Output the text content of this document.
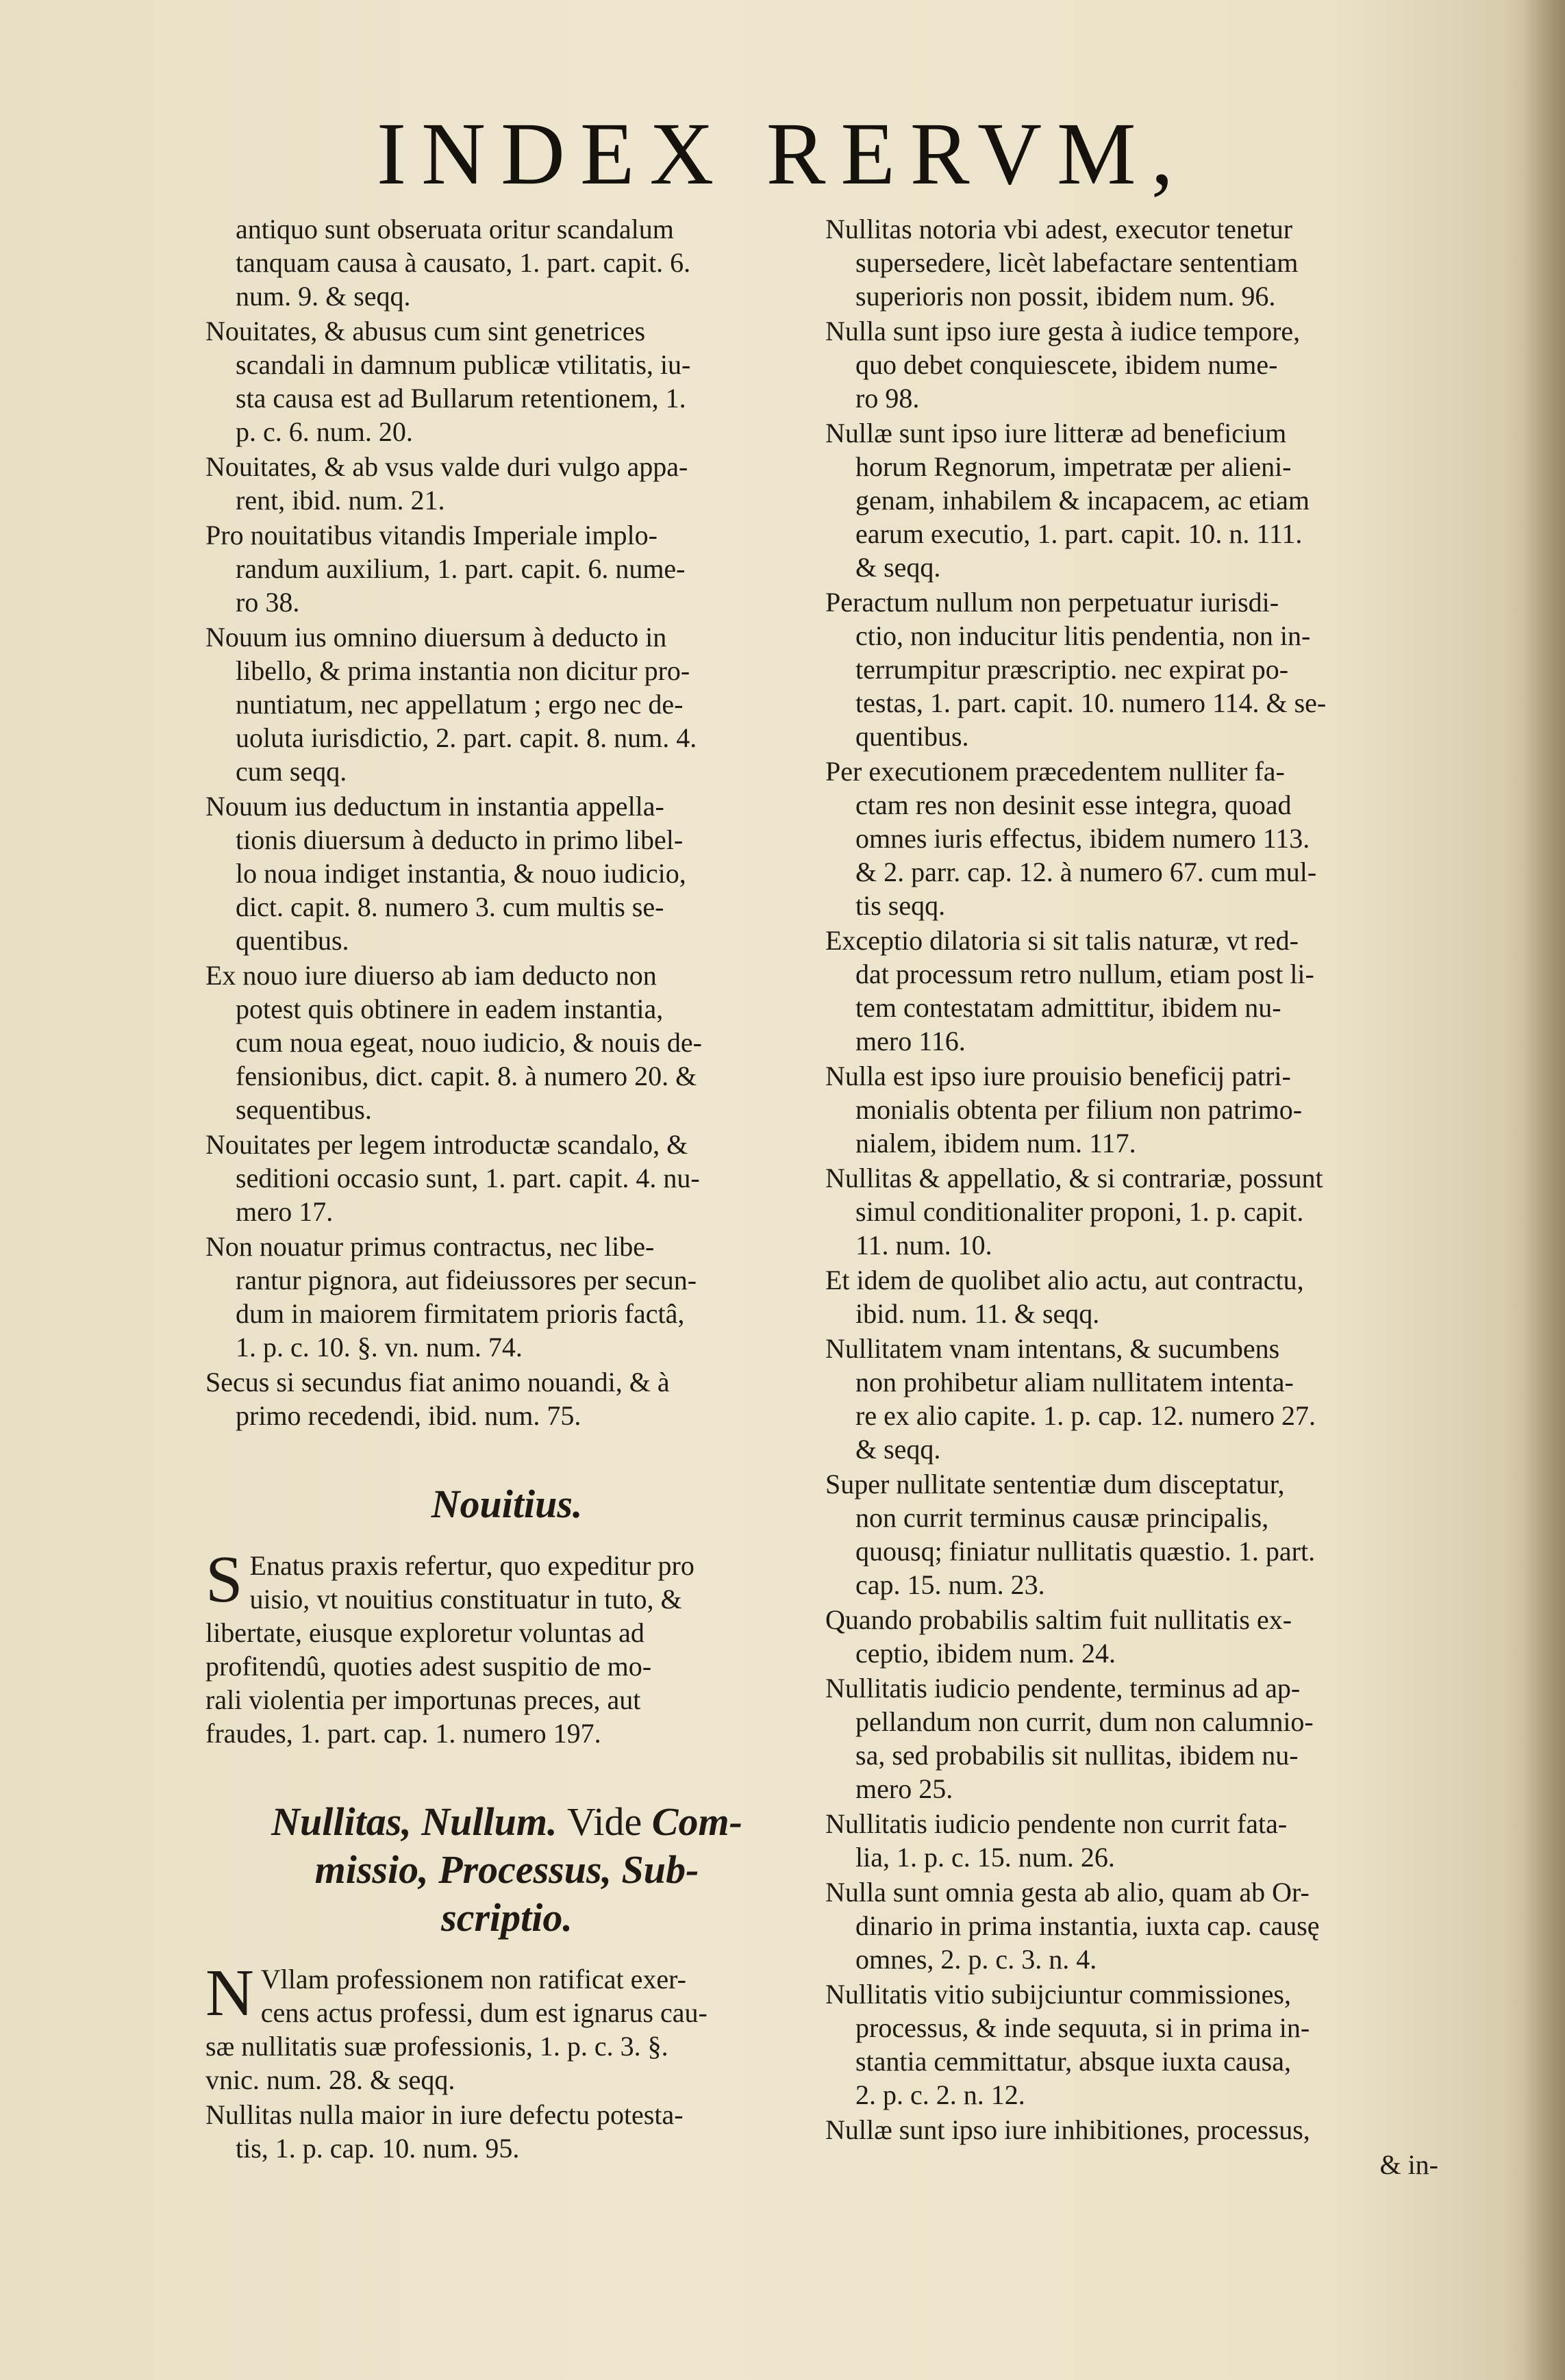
INDEX RERVM,

antiquo sunt obseruata oritur scandalum
tanquam causa à causato, 1. part. capit. 6.
num. 9. & seqq.

Nouitates, & abusus cum sint genetrices
scandali in damnum publicæ vtilitatis, iu-
sta causa est ad Bullarum retentionem, 1.
p. c. 6. num. 20.

Nouitates, & ab vsus valde duri vulgo appa-
rent, ibid. num. 21.

Pro nouitatibus vitandis Imperiale implo-
randum auxilium, 1. part. capit. 6. nume-
ro 38.

Nouum ius omnino diuersum à deducto in
libello, & prima instantia non dicitur pro-
nuntiatum, nec appellatum ; ergo nec de-
uoluta iurisdictio, 2. part. capit. 8. num. 4.
cum seqq.

Nouum ius deductum in instantia appella-
tionis diuersum à deducto in primo libel-
lo noua indiget instantia, & nouo iudicio,
dict. capit. 8. numero 3. cum multis se-
quentibus.

Ex nouo iure diuerso ab iam deducto non
potest quis obtinere in eadem instantia,
cum noua egeat, nouo iudicio, & nouis de-
fensionibus, dict. capit. 8. à numero 20. &
sequentibus.

Nouitates per legem introductæ scandalo, &
seditioni occasio sunt, 1. part. capit. 4. nu-
mero 17.

Non nouatur primus contractus, nec libe-
rantur pignora, aut fideiussores per secun-
dum in maiorem firmitatem prioris factâ,
1. p. c. 10. §. vn. num. 74.

Secus si secundus fiat animo nouandi, & à
primo recedendi, ibid. num. 75.

Nouitius.

S Enatus praxis refertur, quo expeditur pro
uisio, vt nouitius constituatur in tuto, &
libertate, eiusque exploretur voluntas ad
profitendû, quoties adest suspitio de mo-
rali violentia per importunas preces, aut
fraudes, 1. part. cap. 1. numero 197.

Nullitas, Nullum. Vide Com-
missio, Processus, Sub-
scriptio.

N Vllam professionem non ratificat exer-
cens actus professi, dum est ignarus cau-
sæ nullitatis suæ professionis, 1. p. c. 3. §.
vnic. num. 28. & seqq.

Nullitas nulla maior in iure defectu potesta-
tis, 1. p. cap. 10. num. 95.

Nullitas notoria vbi adest, executor tenetur
supersedere, licèt labefactare sententiam
superioris non possit, ibidem num. 96.

Nulla sunt ipso iure gesta à iudice tempore,
quo debet conquiescete, ibidem nume-
ro 98.

Nullæ sunt ipso iure litteræ ad beneficium
horum Regnorum, impetratæ per alieni-
genam, inhabilem & incapacem, ac etiam
earum executio, 1. part. capit. 10. n. 111.
& seqq.

Peractum nullum non perpetuatur iurisdi-
ctio, non inducitur litis pendentia, non in-
terrumpitur præscriptio. nec expirat po-
testas, 1. part. capit. 10. numero 114. & se-
quentibus.

Per executionem præcedentem nulliter fa-
ctam res non desinit esse integra, quoad
omnes iuris effectus, ibidem numero 113.
& 2. parr. cap. 12. à numero 67. cum mul-
tis seqq.

Exceptio dilatoria si sit talis naturæ, vt red-
dat processum retro nullum, etiam post li-
tem contestatam admittitur, ibidem nu-
mero 116.

Nulla est ipso iure prouisio beneficij patri-
monialis obtenta per filium non patrimo-
nialem, ibidem num. 117.

Nullitas & appellatio, & si contrariæ, possunt
simul conditionaliter proponi, 1. p. capit.
11. num. 10.

Et idem de quolibet alio actu, aut contractu,
ibid. num. 11. & seqq.

Nullitatem vnam intentans, & sucumbens
non prohibetur aliam nullitatem intenta-
re ex alio capite. 1. p. cap. 12. numero 27.
& seqq.

Super nullitate sententiæ dum disceptatur,
non currit terminus causæ principalis,
quousq; finiatur nullitatis quæstio. 1. part.
cap. 15. num. 23.

Quando probabilis saltim fuit nullitatis ex-
ceptio, ibidem num. 24.

Nullitatis iudicio pendente, terminus ad ap-
pellandum non currit, dum non calumnio-
sa, sed probabilis sit nullitas, ibidem nu-
mero 25.

Nullitatis iudicio pendente non currit fata-
lia, 1. p. c. 15. num. 26.

Nulla sunt omnia gesta ab alio, quam ab Or-
dinario in prima instantia, iuxta cap. causę
omnes, 2. p. c. 3. n. 4.

Nullitatis vitio subijciuntur commissiones,
processus, & inde sequuta, si in prima in-
stantia cemmittatur, absque iuxta causa,
2. p. c. 2. n. 12.

Nullæ sunt ipso iure inhibitiones, processus,

& in-
